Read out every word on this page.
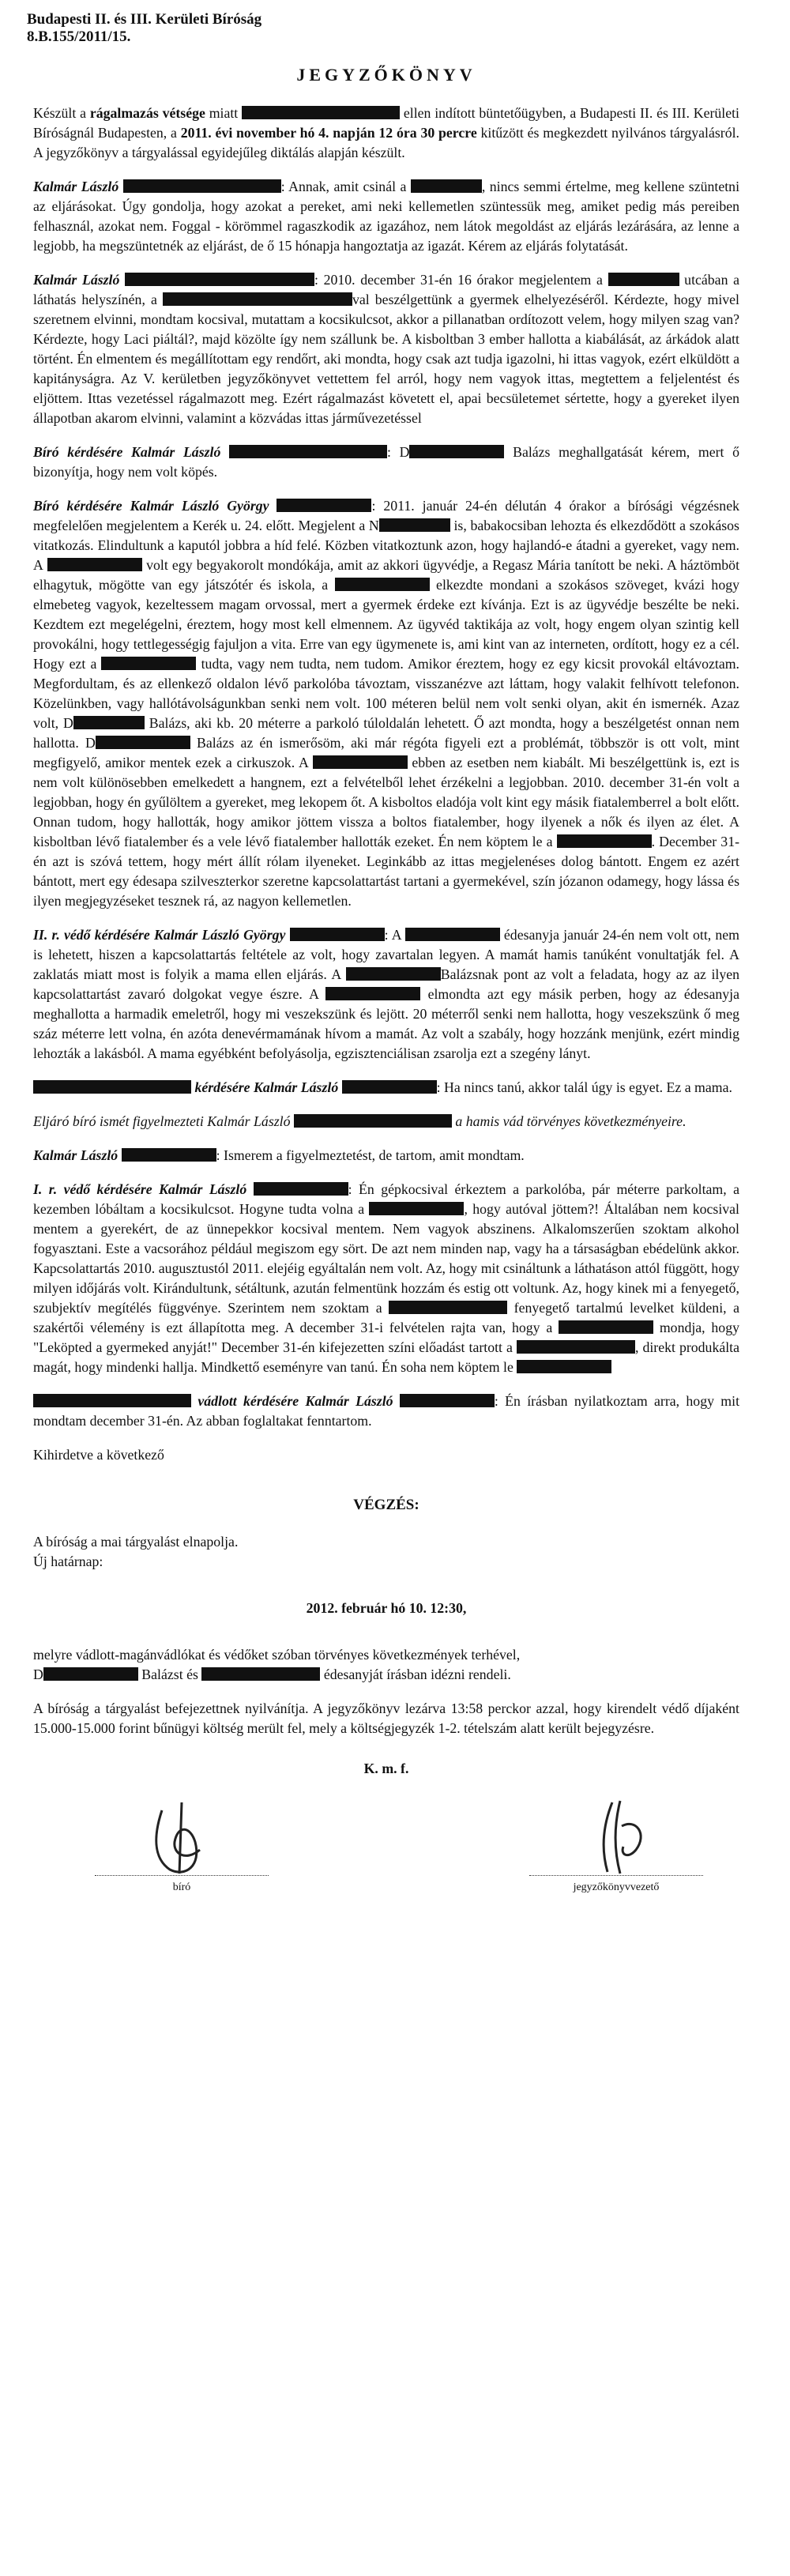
Budapesti II. és III. Kerületi Bíróság
8.B.155/2011/15.
JEGYZŐKÖNYV
Készült a rágalmazás vétsége miatt	ellen indított büntetőügyben, a Budapesti II. és III. Kerületi Bíróságnál Budapesten, a 2011. évi november hó 4. napján 12 óra 30 percre kitűzött és megkezdett nyilvános tárgyalásról. A jegyzőkönyv a tárgyalással egyidejűleg diktálás alapján készült.
Kalmár László	: Annak, amit csinál a	, nincs semmi értelme, meg kellene szüntetni az eljárásokat. Úgy gondolja, hogy azokat a pereket, ami neki kellemetlen szüntessük meg, amiket pedig más pereiben felhasznál, azokat nem. Foggal - körömmel ragaszkodik az igazához, nem látok megoldást az eljárás lezárására, az lenne a legjobb, ha megszüntetnék az eljárást, de ő 15 hónapja hangoztatja az igazát. Kérem az eljárás folytatását.
Kalmár László	: 2010. december 31-én 16 órakor megjelentem a	utcában a láthatás helyszínén, a	val beszélgettünk a gyermek elhelyezéséről. Kérdezte, hogy mivel szeretnem elvinni, mondtam kocsival, mutattam a kocsikulcsot, akkor a pillanatban ordítozott velem, hogy milyen szag van? Kérdezte, hogy Laci piáltál?, majd közölte így nem szállunk be. A kisboltban 3 ember hallotta a kiabálását, az árkádok alatt történt. Én elmentem és megállítottam egy rendőrt, aki mondta, hogy csak azt tudja igazolni, hi ittas vagyok, ezért elküldött a kapitányságra. Az V. kerületben jegyzőkönyvet vettettem fel arról, hogy nem vagyok ittas, megtettem a feljelentést és eljöttem. Ittas vezetéssel rágalmazott meg. Ezért rágalmazást követett el, apai becsületemet sértette, hogy a gyereket ilyen állapotban akarom elvinni, valamint a közvádas ittas járművezetéssel
Bíró kérdésére Kalmár László	: D	Balázs meghallgatását kérem, mert ő bizonyítja, hogy nem volt köpés.
Bíró kérdésére Kalmár László György	: 2011. január 24-én délután 4 órakor a bírósági végzésnek megfelelően megjelentem a Kerék u. 24. előtt. Megjelent a N	is, babakocsiban lehozta és elkezdődött a szokásos vitatkozás. Elindultunk a kaputól jobbra a híd felé. Közben vitatkoztunk azon, hogy hajlandó-e átadni a gyereket, vagy nem. A	volt egy begyakorolt mondókája, amit az akkori ügyvédje, a Regasz Mária tanított be neki. A háztömböt elhagytuk, mögötte van egy játszótér és iskola, a	elkezdte mondani a szokásos szöveget, kvázi hogy elmebeteg vagyok, kezeltessem magam orvossal, mert a gyermek érdeke ezt kívánja. Ezt is az ügyvédje beszélte be neki. Kezdtem ezt megelégelni, éreztem, hogy most kell elmennem. Az ügyvéd taktikája az volt, hogy engem olyan szintig kell provokálni, hogy tettlegességig fajuljon a vita. Erre van egy ügymenete is, ami kint van az interneten, ordított, hogy ez a cél. Hogy ezt a	tudta, vagy nem tudta, nem tudom. Amikor éreztem, hogy ez egy kicsit provokál eltávoztam. Megfordultam, és az ellenkező oldalon lévő parkolóba távoztam, visszanézve azt láttam, hogy valakit felhívott telefonon. Közelünkben, vagy hallótávolságunkban senki nem volt. 100 méteren belül nem volt senki olyan, akit én ismernék. Azaz volt, D	Balázs, aki kb. 20 méterre a parkoló túloldalán lehetett. Ő azt mondta, hogy a beszélgetést onnan nem hallotta. D	Balázs az én ismerősöm, aki már régóta figyeli ezt a problémát, többször is ott volt, mint megfigyelő, amikor mentek ezek a cirkuszok. A	ebben az esetben nem kiabált. Mi beszélgettünk is, ezt is nem volt különösebben emelkedett a hangnem, ezt a felvételből lehet érzékelni a legjobban. 2010. december 31-én volt a legjobban, hogy én gyűlöltem a gyereket, meg lekopem őt. A kisboltos eladója volt kint egy másik fiatalemberrel a bolt előtt. Onnan tudom, hogy hallották, hogy amikor jöttem vissza a boltos fiatalember, hogy ilyenek a nők és ilyen az élet. A kisboltban lévő fiatalember és a vele lévő fiatalember hallották ezeket. Én nem köptem le a	. December 31-én azt is szóvá tettem, hogy mért állít rólam ilyeneket. Leginkább az ittas megjelenéses dolog bántott. Engem ez azért bántott, mert egy édesapa szilveszterkor szeretne kapcsolattartást tartani a gyermekével, szín józanon odamegy, hogy lássa és ilyen megjegyzéseket tesznek rá, az nagyon kellemetlen.
II. r. védő kérdésére Kalmár László György	: A	édesanyja január 24-én nem volt ott, nem is lehetett, hiszen a kapcsolattartás feltétele az volt, hogy zavartalan legyen. A mamát hamis tanúként vonultatják fel. A zaklatás miatt most is folyik a mama ellen eljárás. A	Balázsnak pont az volt a feladata, hogy az az ilyen kapcsolattartást zavaró dolgokat vegye észre. A	elmondta azt egy másik perben, hogy az édesanyja meghallotta a harmadik emeletről, hogy mi veszekszünk és lejött. 20 méterről senki nem hallotta, hogy veszekszünk ő meg száz méterre lett volna, én azóta denevérmamának hívom a mamát. Az volt a szabály, hogy hozzánk menjünk, ezért mindig lehozták a lakásból. A mama egyébként befolyásolja, egzisztenciálisan zsarolja ezt a szegény lányt.
kérdésére Kalmár László	: Ha nincs tanú, akkor talál úgy is egyet. Ez a mama.
Eljáró bíró ismét figyelmezteti Kalmár László	a hamis vád törvényes következményeire.
Kalmár László	: Ismerem a figyelmeztetést, de tartom, amit mondtam.
I. r. védő kérdésére Kalmár László	: Én gépkocsival érkeztem a parkolóba, pár méterre parkoltam, a kezemben lóbáltam a kocsikulcsot. Hogyne tudta volna a	, hogy autóval jöttem?! Általában nem kocsival mentem a gyerekért, de az ünnepekkor kocsival mentem. Nem vagyok abszinens. Alkalomszerűen szoktam alkohol fogyasztani. Este a vacsorához például megiszom egy sört. De azt nem minden nap, vagy ha a társaságban ebédelünk akkor. Kapcsolattartás 2010. augusztustól 2011. elejéig egyáltalán nem volt. Az, hogy mit csináltunk a láthatáson attól függött, hogy milyen időjárás volt. Kirándultunk, sétáltunk, azután felmentünk hozzám és estig ott voltunk. Az, hogy kinek mi a fenyegető, szubjektív megítélés függvénye. Szerintem nem szoktam a	fenyegető tartalmú levelket küldeni, a szakértői vélemény is ezt állapította meg. A december 31-i felvételen rajta van, hogy a	mondja, hogy "Leköpted a gyermeked anyját!" December 31-én kifejezetten színi előadást tartott a	, direkt produkálta magát, hogy mindenki hallja. Mindkettő eseményre van tanú. Én soha nem köptem le
vádlott kérdésére Kalmár László	: Én írásban nyilatkoztam arra, hogy mit mondtam december 31-én. Az abban foglaltakat fenntartom.
Kihirdetve a következő
VÉGZÉS:
A bíróság a mai tárgyalást elnapolja.
Új határnap:
2012. február hó 10. 12:30,

melyre vádlott-magánvádlókat és védőket szóban törvényes következmények terhével,

D	Balázst és	édesanyját írásban idézni rendeli.

A bíróság a tárgyalást befejezettnek nyilvánítja. A jegyzőkönyv lezárva 13:58 perckor azzal, hogy kirendelt védő díjaként 15.000-15.000 forint bűnügyi költség merült fel, mely a költségjegyzék 1-2. tételszám alatt került bejegyzésre.
K. m. f.
bíró	jegyzőkönyvvezető
